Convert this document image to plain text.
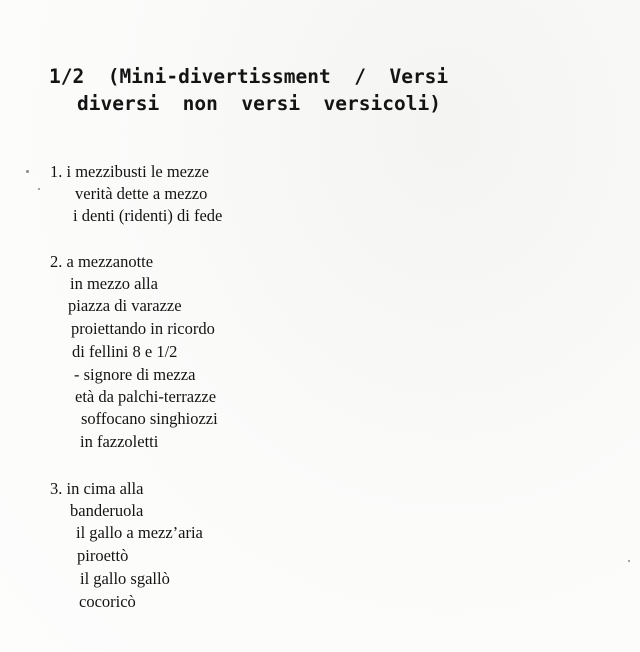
1/2  (Mini-divertissment  /  Versi
diversi  non  versi  versicoli)
1. i mezzibusti le mezze
verità dette a mezzo
i denti (ridenti) di fede
2. a mezzanotte
in mezzo alla
piazza di varazze
proiettando in ricordo
di fellini 8 e 1/2
- signore di mezza
età da palchi-terrazze
soffocano singhiozzi
in fazzoletti
3. in cima alla
banderuola
il gallo a mezz’aria
piroettò
il gallo sgallò
cocoricò
